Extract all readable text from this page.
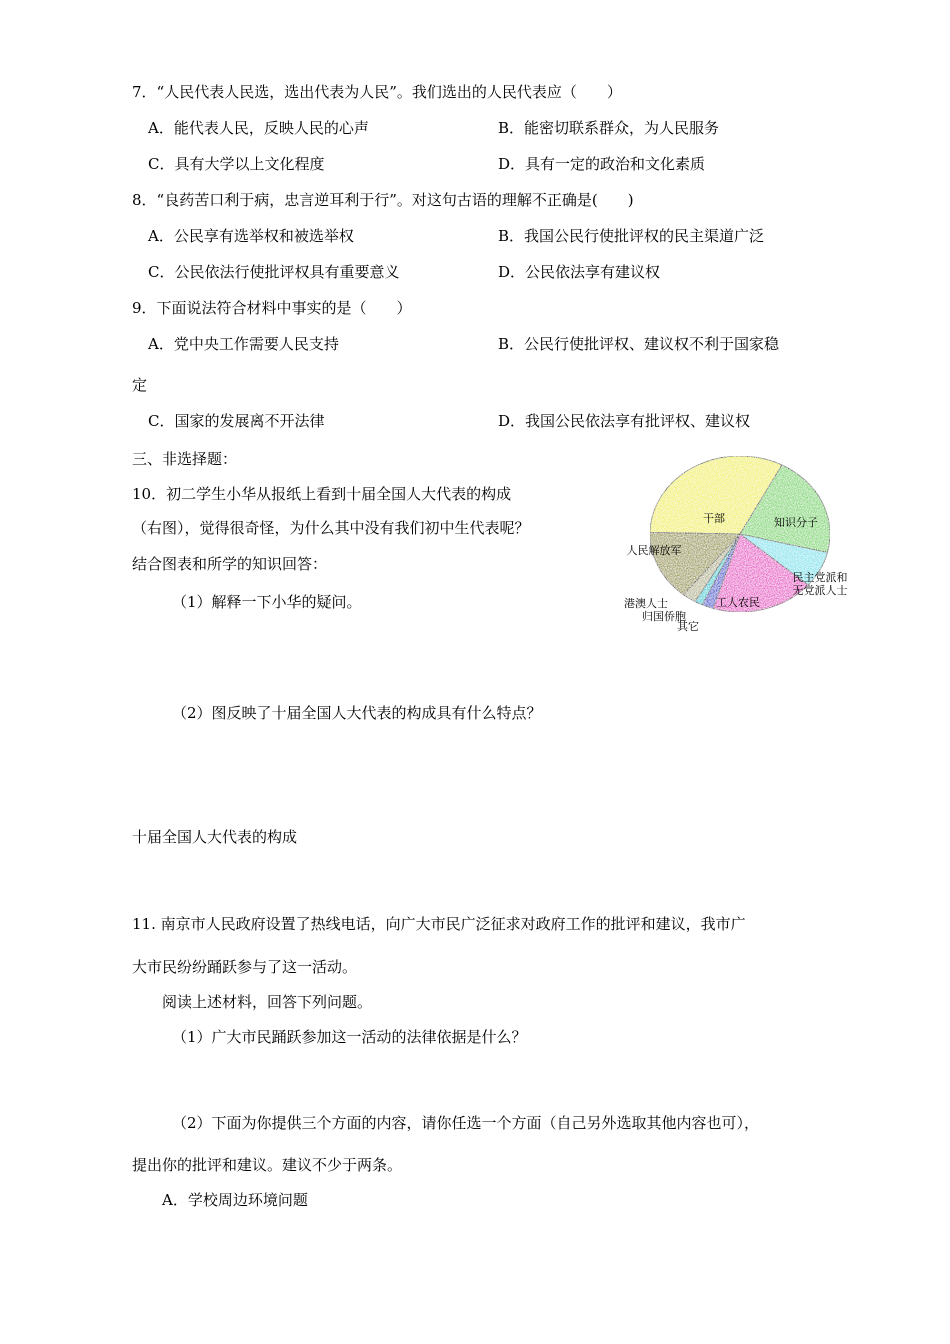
7．“人民代表人民选，选出代表为人民”。我们选出的人民代表应（　　）
A．能代表人民，反映人民的心声	B．能密切联系群众，为人民服务
C．具有大学以上文化程度	D．具有一定的政治和文化素质
8．“良药苦口利于病，忠言逆耳利于行”。对这句古语的理解不正确是(　　)
A．公民享有选举权和被选举权	B．我国公民行使批评权的民主渠道广泛
C．公民依法行使批评权具有重要意义	D．公民依法享有建议权
9．下面说法符合材料中事实的是（　　）
A．党中央工作需要人民支持	B．公民行使批评权、建议权不利于国家稳
定
C．国家的发展离不开法律	D．我国公民依法享有批评权、建议权
三、非选择题：
10．初二学生小华从报纸上看到十届全国人大代表的构成
（右图），觉得很奇怪，为什么其中没有我们初中生代表呢？
结合图表和所学的知识回答：
（1）解释一下小华的疑问。
（2）图反映了十届全国人大代表的构成具有什么特点？
干部	知识分子
民主党派和无党派人士
工人农民
其它
归国侨胞
港澳人士
人民解放军
十届全国人大代表的构成
11. 南京市人民政府设置了热线电话，向广大市民广泛征求对政府工作的批评和建议，我市广
大市民纷纷踊跃参与了这一活动。
阅读上述材料，回答下列问题。
（1）广大市民踊跃参加这一活动的法律依据是什么？
（2）下面为你提供三个方面的内容，请你任选一个方面（自己另外选取其他内容也可），
提出你的批评和建议。建议不少于两条。
A．学校周边环境问题
